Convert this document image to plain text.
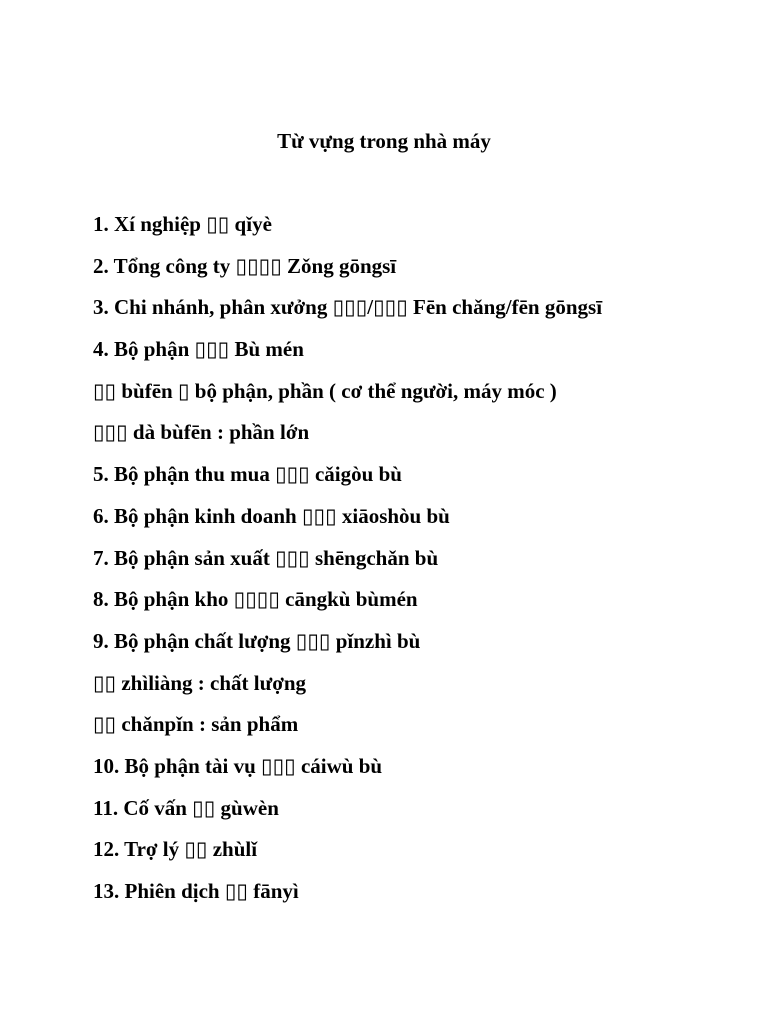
Từ vựng trong nhà máy
1. Xí nghiệp ▯▯ qǐyè
2. Tổng công ty ▯▯▯▯ Zǒng gōngsī
3. Chi nhánh, phân xưởng ▯▯▯/▯▯▯ Fēn chǎng/fēn gōngsī
4. Bộ phận ▯▯▯ Bù mén
▯▯ bùfēn ▯ bộ phận, phần ( cơ thể người, máy móc )
▯▯▯ dà bùfēn : phần lớn
5. Bộ phận thu mua ▯▯▯ cǎigòu bù
6. Bộ phận kinh doanh ▯▯▯ xiāoshòu bù
7. Bộ phận sản xuất ▯▯▯ shēngchǎn bù
8. Bộ phận kho ▯▯▯▯ cāngkù bùmén
9. Bộ phận chất lượng ▯▯▯ pǐnzhì bù
▯▯ zhìliàng : chất lượng
▯▯ chǎnpǐn : sản phẩm
10. Bộ phận tài vụ ▯▯▯ cáiwù bù
11. Cố vấn ▯▯ gùwèn
12. Trợ lý ▯▯ zhùlǐ
13. Phiên dịch ▯▯ fānyì
